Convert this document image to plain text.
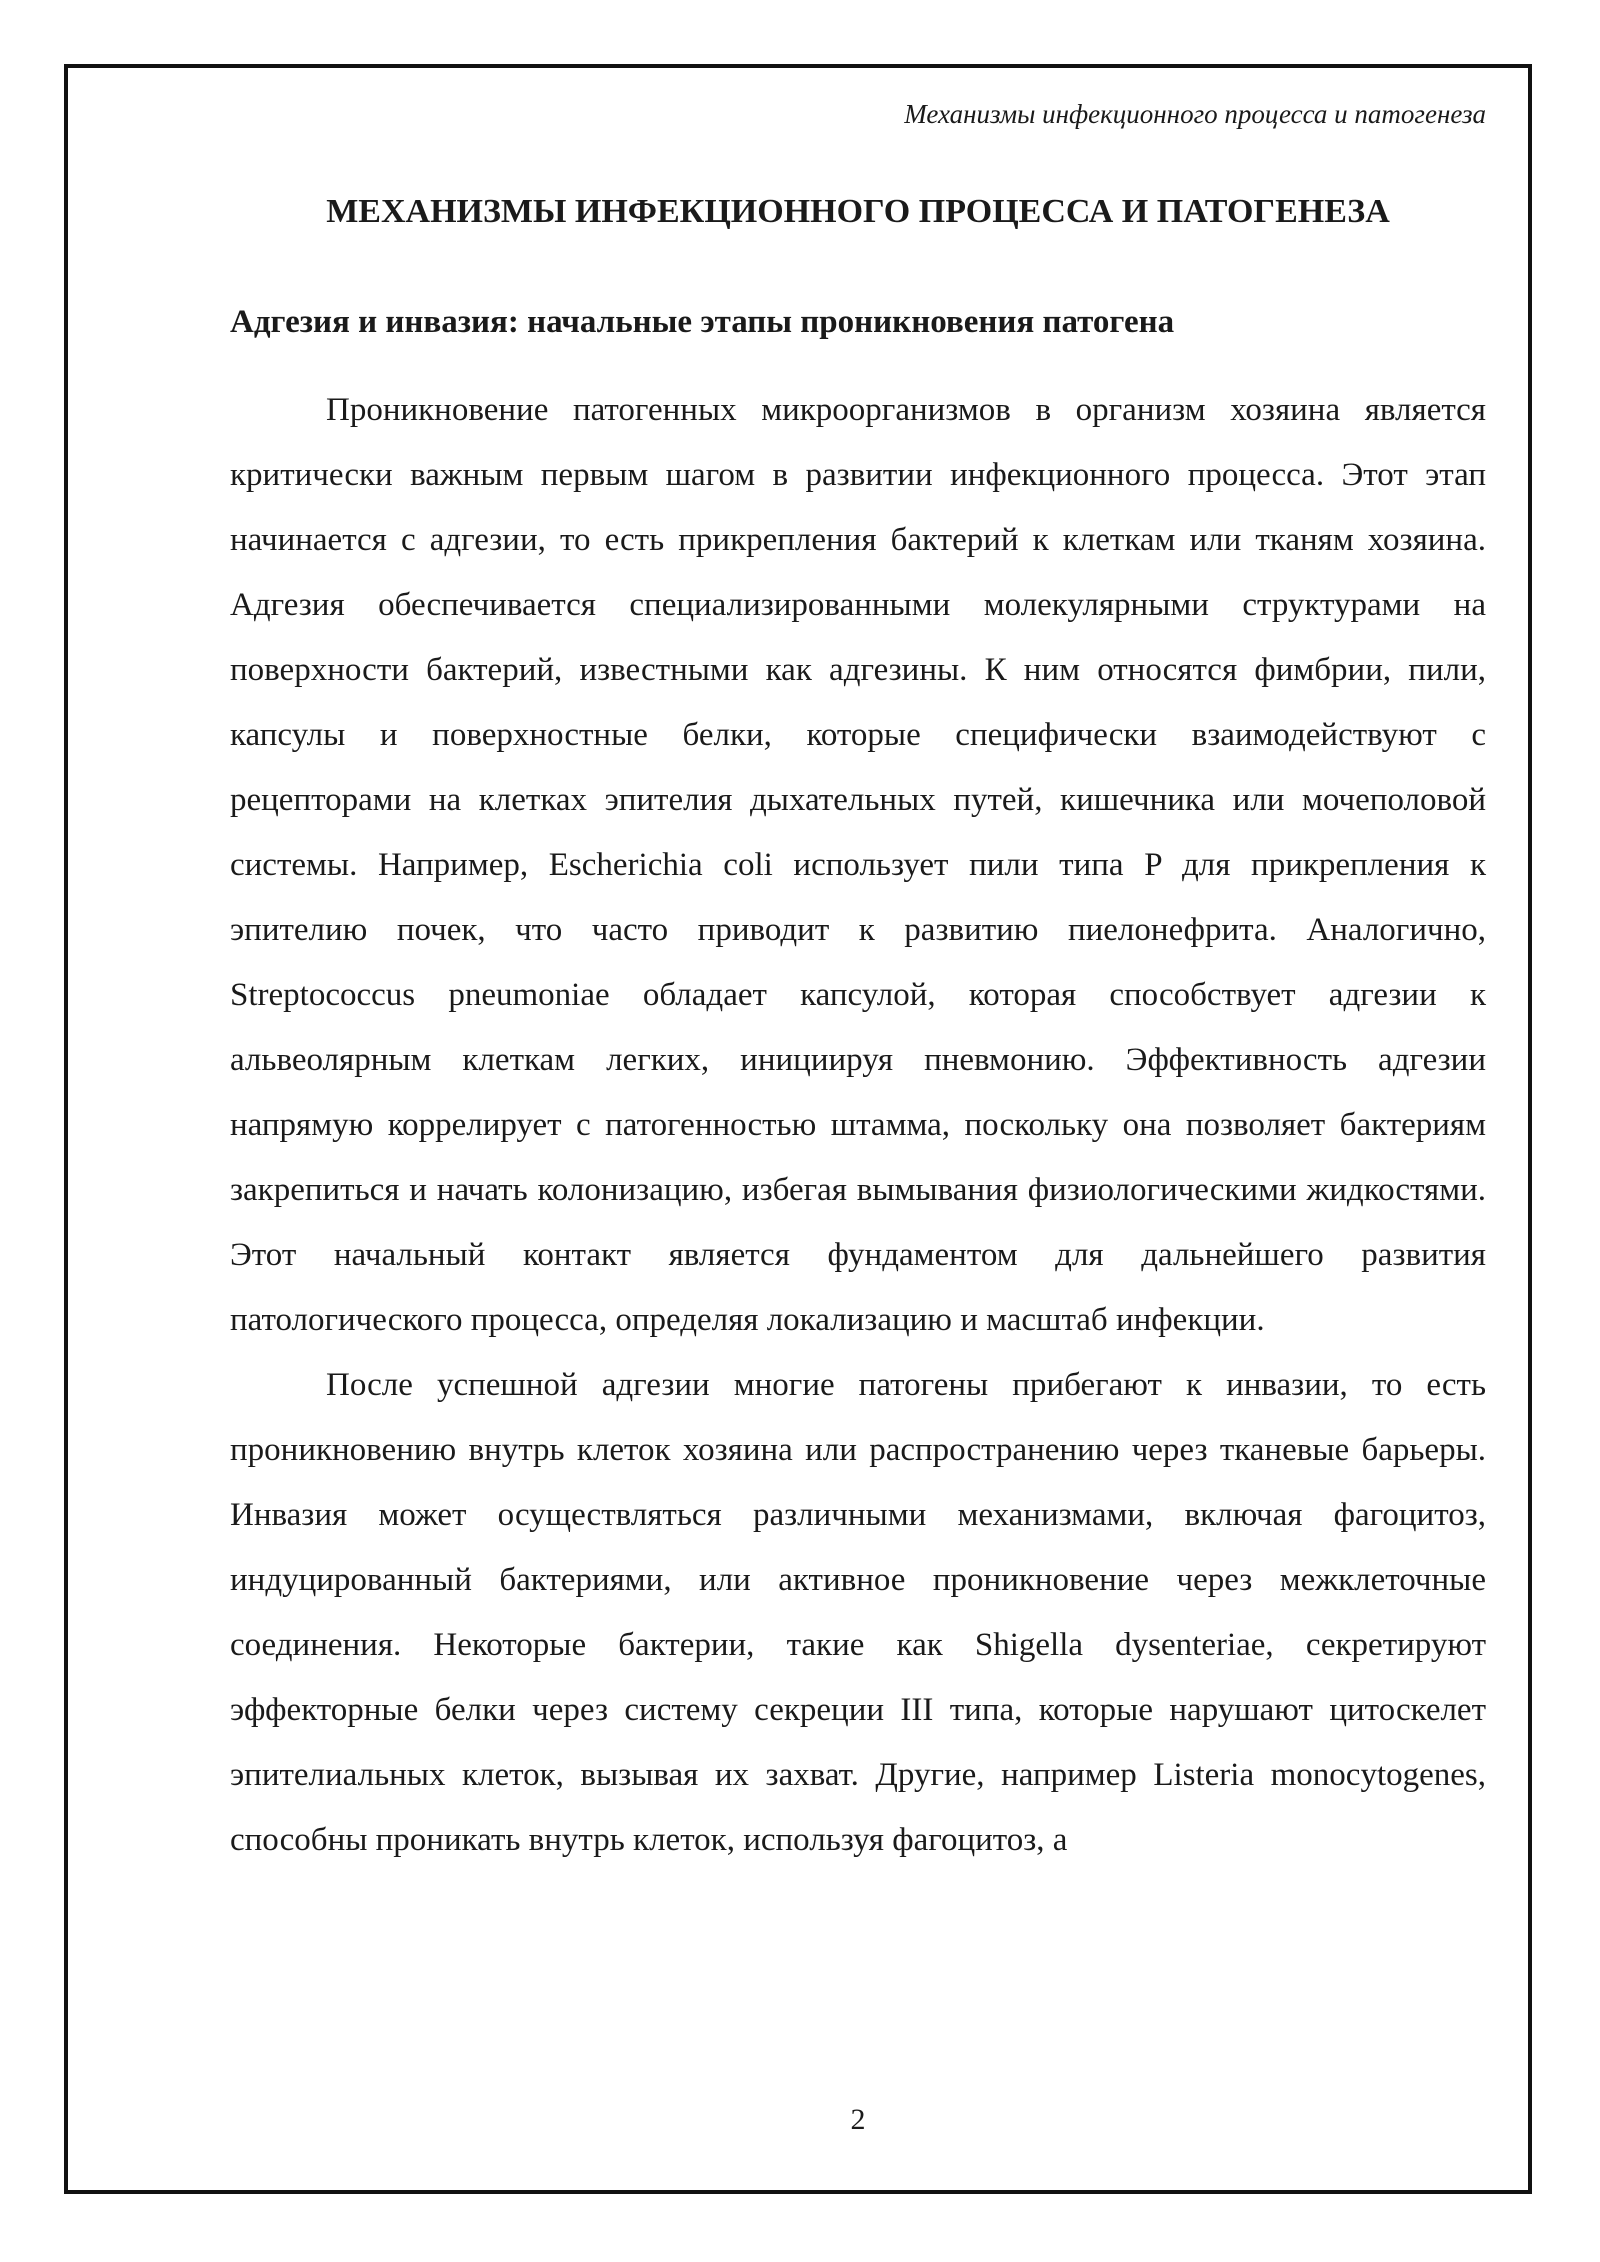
Механизмы инфекционного процесса и патогенеза
МЕХАНИЗМЫ ИНФЕКЦИОННОГО ПРОЦЕССА И ПАТОГЕНЕЗА
Адгезия и инвазия: начальные этапы проникновения патогена

Проникновение патогенных микроорганизмов в организм хозяина является критически важным первым шагом в развитии инфекционного процесса. Этот этап начинается с адгезии, то есть прикрепления бактерий к клеткам или тканям хозяина. Адгезия обеспечивается специализированными молекулярными структурами на поверхности бактерий, известными как адгезины. К ним относятся фимбрии, пили, капсулы и поверхностные белки, которые специфически взаимодействуют с рецепторами на клетках эпителия дыхательных путей, кишечника или мочеполовой системы. Например, Escherichia coli использует пили типа P для прикрепления к эпителию почек, что часто приводит к развитию пиелонефрита. Аналогично, Streptococcus pneumoniae обладает капсулой, которая способствует адгезии к альвеолярным клеткам легких, инициируя пневмонию. Эффективность адгезии напрямую коррелирует с патогенностью штамма, поскольку она позволяет бактериям закрепиться и начать колонизацию, избегая вымывания физиологическими жидкостями. Этот начальный контакт является фундаментом для дальнейшего развития патологического процесса, определяя локализацию и масштаб инфекции.

После успешной адгезии многие патогены прибегают к инвазии, то есть проникновению внутрь клеток хозяина или распространению через тканевые барьеры. Инвазия может осуществляться различными механизмами, включая фагоцитоз, индуцированный бактериями, или активное проникновение через межклеточные соединения. Некоторые бактерии, такие как Shigella dysenteriae, секретируют эффекторные белки через систему секреции III типа, которые нарушают цитоскелет эпителиальных клеток, вызывая их захват. Другие, например Listeria monocytogenes, способны проникать внутрь клеток, используя фагоцитоз, а

2
